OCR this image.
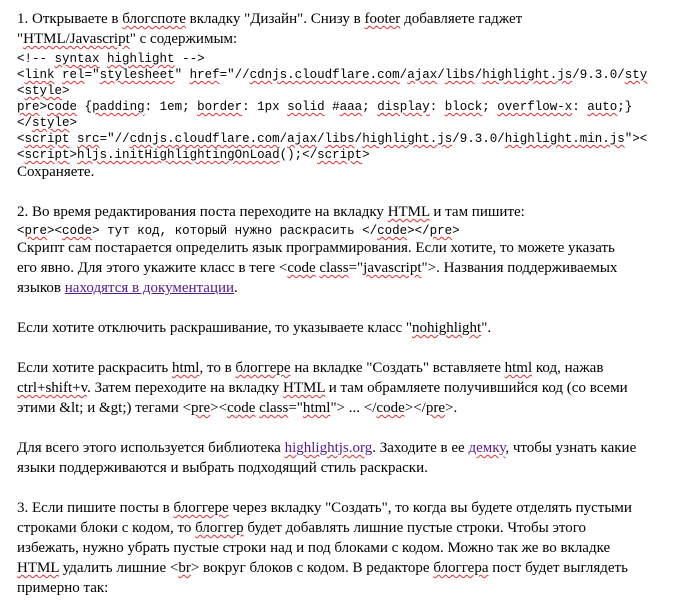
1. Открываете в блогспоте вкладку "Дизайн". Снизу в footer добавляете гаджет
"HTML/Javascript" с содержимым:
<!-- syntax highlight -->
<link rel="stylesheet" href="//cdnjs.cloudflare.com/ajax/libs/highlight.js/9.3.0/sty
<style>
pre>code {padding: 1em; border: 1px solid #aaa; display: block; overflow-x: auto;}
</style>
<script src="//cdnjs.cloudflare.com/ajax/libs/highlight.js/9.3.0/highlight.min.js"><
<script>hljs.initHighlightingOnLoad();</script>
Сохраняете.
2. Во время редактирования поста переходите на вкладку HTML и там пишите:
<pre><code> тут код, который нужно раскрасить </code></pre>
Скрипт сам постарается определить язык программирования. Если хотите, то можете указать
его явно. Для этого укажите класс в теге <code class="javascript">. Названия поддерживаемых
языков находятся в документации.
Если хотите отключить раскрашивание, то указываете класс "nohighlight".
Если хотите раскрасить html, то в блоггере на вкладке "Создать" вставляете html код, нажав
ctrl+shift+v. Затем переходите на вкладку HTML и там обрамляете получившийся код (со всеми
этими &lt; и &gt;) тегами <pre><code class="html"> ... </code></pre>.
Для всего этого используется библиотека highlightjs.org. Заходите в ее демку, чтобы узнать какие
языки поддерживаются и выбрать подходящий стиль раскраски.
3. Если пишите посты в блоггере через вкладку "Создать", то когда вы будете отделять пустыми
строками блоки с кодом, то блоггер будет добавлять лишние пустые строки. Чтобы этого
избежать, нужно убрать пустые строки над и под блоками с кодом. Можно так же во вкладке
HTML удалить лишние <br> вокруг блоков с кодом. В редакторе блоггера пост будет выглядеть
примерно так:
